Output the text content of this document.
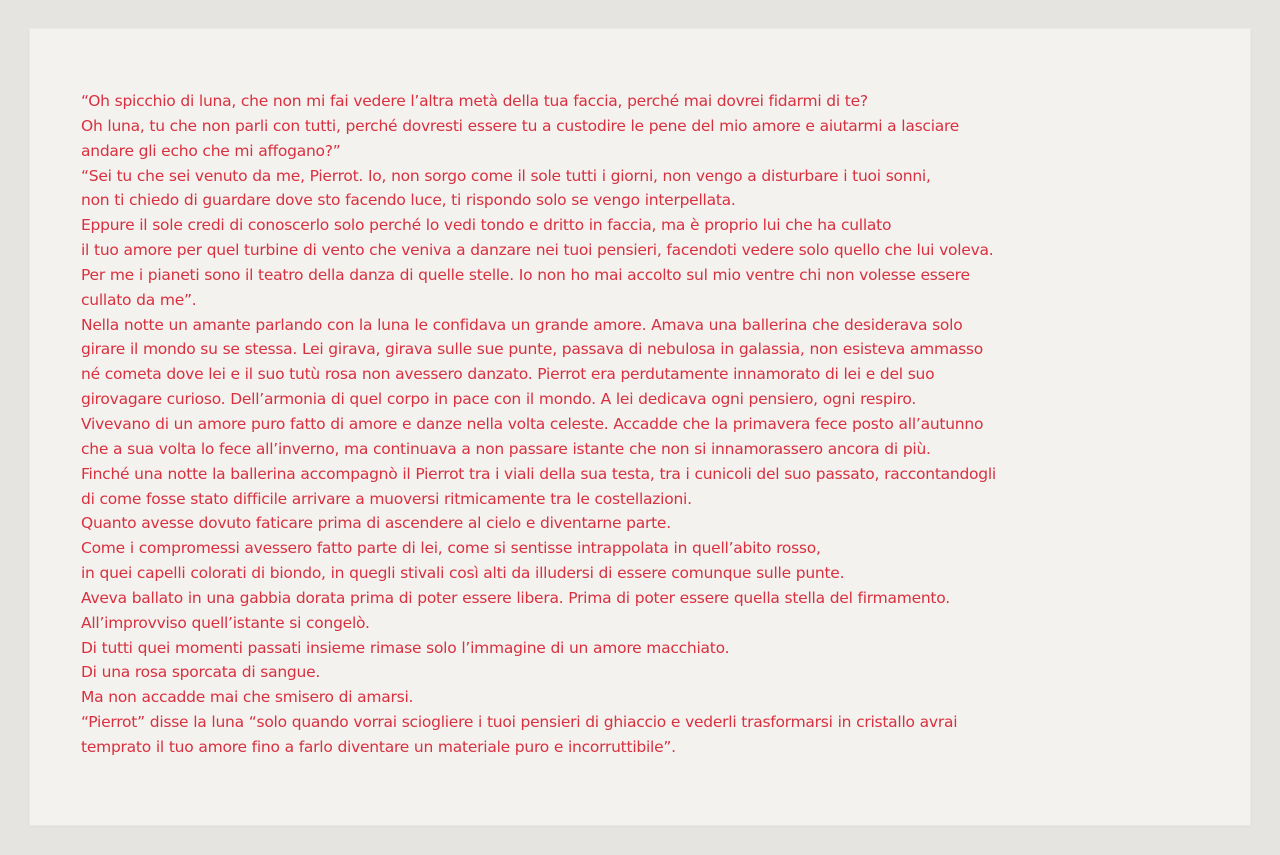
“Oh spicchio di luna, che non mi fai vedere l’altra metà della tua faccia, perché mai dovrei fidarmi di te?
Oh luna, tu che non parli con tutti, perché dovresti essere tu a custodire le pene del mio amore e aiutarmi a lasciare
andare gli echo che mi affogano?”
“Sei tu che sei venuto da me, Pierrot. Io, non sorgo come il sole tutti i giorni, non vengo a disturbare i tuoi sonni,
non ti chiedo di guardare dove sto facendo luce, ti rispondo solo se vengo interpellata.
Eppure il sole credi di conoscerlo solo perché lo vedi tondo e dritto in faccia, ma è proprio lui che ha cullato
il tuo amore per quel turbine di vento che veniva a danzare nei tuoi pensieri, facendoti vedere solo quello che lui voleva.
Per me i pianeti sono il teatro della danza di quelle stelle. Io non ho mai accolto sul mio ventre chi non volesse essere
cullato da me”.
Nella notte un amante parlando con la luna le confidava un grande amore. Amava una ballerina che desiderava solo
girare il mondo su se stessa. Lei girava, girava sulle sue punte, passava di nebulosa in galassia, non esisteva ammasso
né cometa dove lei e il suo tutù rosa non avessero danzato. Pierrot era perdutamente innamorato di lei e del suo
girovagare curioso. Dell’armonia di quel corpo in pace con il mondo. A lei dedicava ogni pensiero, ogni respiro.
Vivevano di un amore puro fatto di amore e danze nella volta celeste. Accadde che la primavera fece posto all’autunno
che a sua volta lo fece all’inverno, ma continuava a non passare istante che non si innamorassero ancora di più.
Finché una notte la ballerina accompagnò il Pierrot tra i viali della sua testa, tra i cunicoli del suo passato, raccontandogli
di come fosse stato difficile arrivare a muoversi ritmicamente tra le costellazioni.
Quanto avesse dovuto faticare prima di ascendere al cielo e diventarne parte.
Come i compromessi avessero fatto parte di lei, come si sentisse intrappolata in quell’abito rosso,
in quei capelli colorati di biondo, in quegli stivali così alti da illudersi di essere comunque sulle punte.
Aveva ballato in una gabbia dorata prima di poter essere libera. Prima di poter essere quella stella del firmamento.
All’improvviso quell’istante si congelò.
Di tutti quei momenti passati insieme rimase solo l’immagine di un amore macchiato.
Di una rosa sporcata di sangue.
Ma non accadde mai che smisero di amarsi.
“Pierrot” disse la luna “solo quando vorrai sciogliere i tuoi pensieri di ghiaccio e vederli trasformarsi in cristallo avrai
temprato il tuo amore fino a farlo diventare un materiale puro e incorruttibile”.
